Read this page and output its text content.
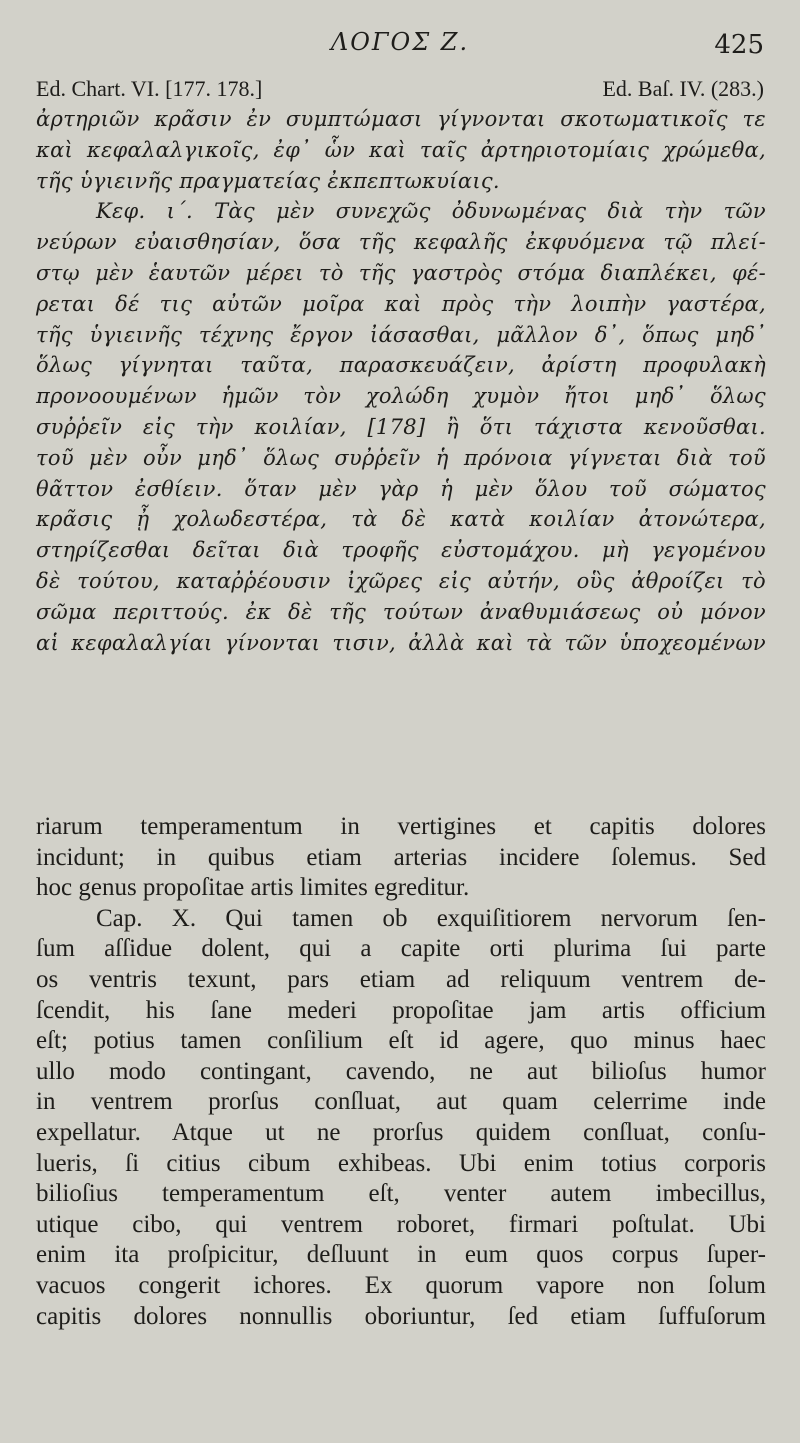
ΛΟΓΟΣ Ζ.	425
Ed. Chart. VI. [177. 178.]	Ed. Baſ. IV. (283.)
ἀρτηριῶν κρᾶσιν ἐν συμπτώμασι γίγνονται σκοτωματικοῖς τε
καὶ κεφαλαλγικοῖς, ἐφ᾽ ὧν καὶ ταῖς ἀρτηριοτομίαις χρώμεθα,
τῆς ὑγιεινῆς πραγματείας ἐκπεπτωκυίαις.
Κεφ. ι΄. Τὰς μὲν συνεχῶς ὀδυνωμένας διὰ τὴν τῶν
νεύρων εὐαισθησίαν, ὅσα τῆς κεφαλῆς ἐκφυόμενα τῷ πλεί-
στῳ μὲν ἑαυτῶν μέρει τὸ τῆς γαστρὸς στόμα διαπλέκει, φέ-
ρεται δέ τις αὐτῶν μοῖρα καὶ πρὸς τὴν λοιπὴν γαστέρα,
τῆς ὑγιεινῆς τέχνης ἔργον ἰάσασθαι, μᾶλλον δ᾽, ὅπως μηδ᾽
ὅλως γίγνηται ταῦτα, παρασκευάζειν, ἀρίστη προφυλακὴ
προνοουμένων ἡμῶν τὸν χολώδη χυμὸν ἤτοι μηδ᾽ ὅλως
συῤῥεῖν εἰς τὴν κοιλίαν, [178] ἢ ὅτι τάχιστα κενοῦσθαι.
τοῦ μὲν οὖν μηδ᾽ ὅλως συῤῥεῖν ἡ πρόνοια γίγνεται διὰ τοῦ
θᾶττον ἐσθίειν. ὅταν μὲν γὰρ ἡ μὲν ὅλου τοῦ σώματος
κρᾶσις ᾖ χολωδεστέρα, τὰ δὲ κατὰ κοιλίαν ἀτονώτερα,
στηρίζεσθαι δεῖται διὰ τροφῆς εὐστομάχου. μὴ γεγομένου
δὲ τούτου, καταῤῥέουσιν ἰχῶρες εἰς αὐτήν, οὓς ἀθροίζει τὸ
σῶμα περιττούς. ἐκ δὲ τῆς τούτων ἀναθυμιάσεως οὐ μόνον
αἱ κεφαλαλγίαι γίνονται τισιν, ἀλλὰ καὶ τὰ τῶν ὑποχεομένων
riarum temperamentum in vertigines et capitis dolores
incidunt; in quibus etiam arterias incidere ſolemus. Sed
hoc genus propoſitae artis limites egreditur.
Cap. X. Qui tamen ob exquiſitiorem nervorum ſen-
ſum aſſidue dolent, qui a capite orti plurima ſui parte
os ventris texunt, pars etiam ad reliquum ventrem de-
ſcendit, his ſane mederi propoſitae jam artis officium
eſt; potius tamen conſilium eſt id agere, quo minus haec
ullo modo contingant, cavendo, ne aut bilioſus humor
in ventrem prorſus conſluat, aut quam celerrime inde
expellatur. Atque ut ne prorſus quidem conſluat, conſu-
lueris, ſi citius cibum exhibeas. Ubi enim totius corporis
bilioſius temperamentum eſt, venter autem imbecillus,
utique cibo, qui ventrem roboret, firmari poſtulat. Ubi
enim ita proſpicitur, deſluunt in eum quos corpus ſuper-
vacuos congerit ichores. Ex quorum vapore non ſolum
capitis dolores nonnullis oboriuntur, ſed etiam ſuffuſorum
